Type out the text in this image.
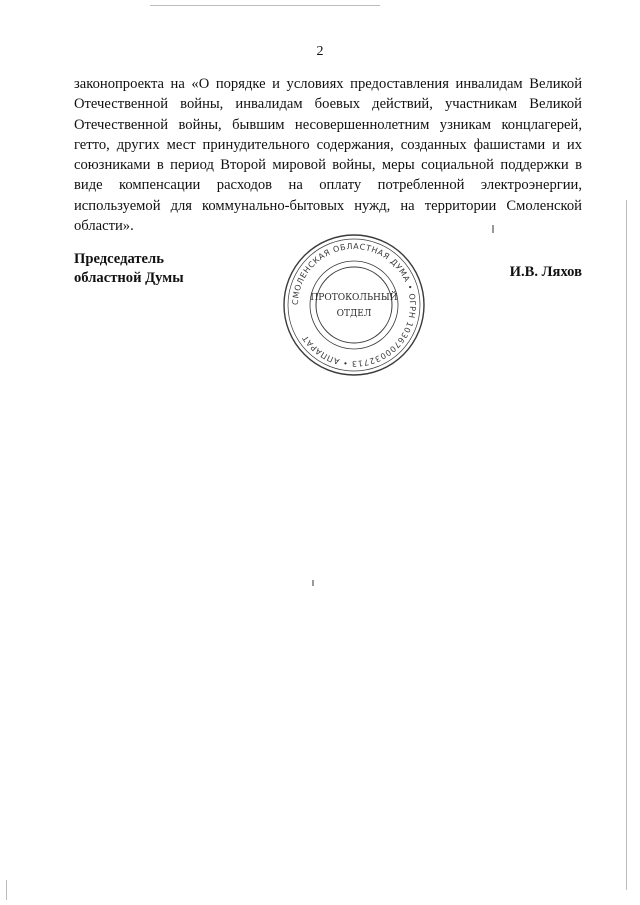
2
законопроекта на «О порядке и условиях предоставления инвалидам Великой
Отечественной войны, инвалидам боевых действий, участникам Великой
Отечественной войны, бывшим несовершеннолетним узникам концлагерей,
гетто, других мест принудительного содержания, созданных фашистами и их
союзниками в период Второй мировой войны, меры социальной поддержки в
виде компенсации расходов на оплату потребленной электроэнергии,
используемой для коммунально-бытовых нужд, на территории Смоленской
области».
Председатель
областной Думы	И.В. Ляхов
СМОЛЕНСКАЯ ОБЛАСТНАЯ ДУМА • ОГРН 1036700032713 • АППАРАТ
ПРОТОКОЛЬНЫЙ
ОТДЕЛ
